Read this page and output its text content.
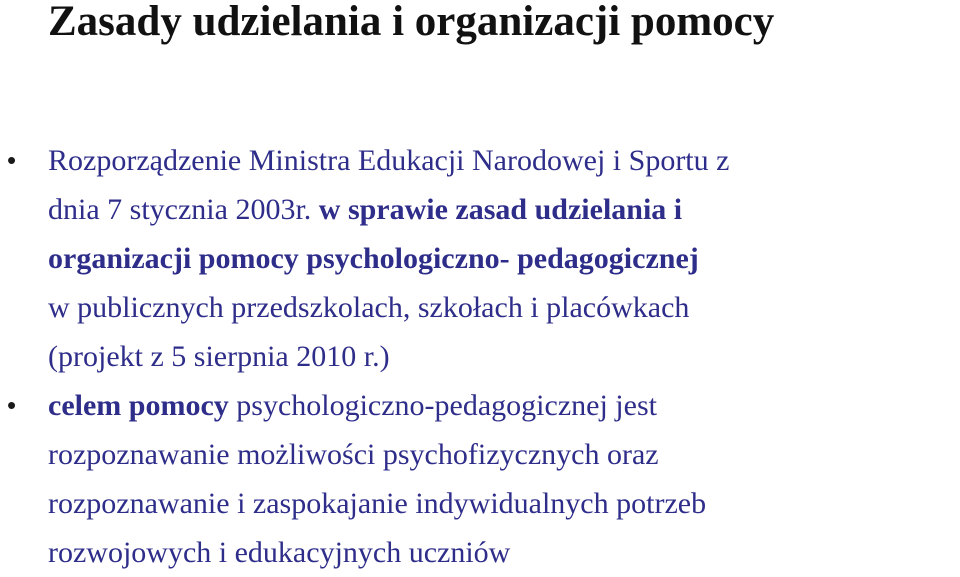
Zasady udzielania i organizacji pomocy
• Rozporządzenie Ministra Edukacji Narodowej i Sportu z
dnia 7 stycznia 2003r. w sprawie zasad udzielania i
organizacji pomocy psychologiczno- pedagogicznej
w publicznych przedszkolach, szkołach i placówkach
(projekt z 5 sierpnia 2010 r.)
• celem pomocy psychologiczno-pedagogicznej jest
rozpoznawanie możliwości psychofizycznych oraz
rozpoznawanie i zaspokajanie indywidualnych potrzeb
rozwojowych i edukacyjnych uczniów
